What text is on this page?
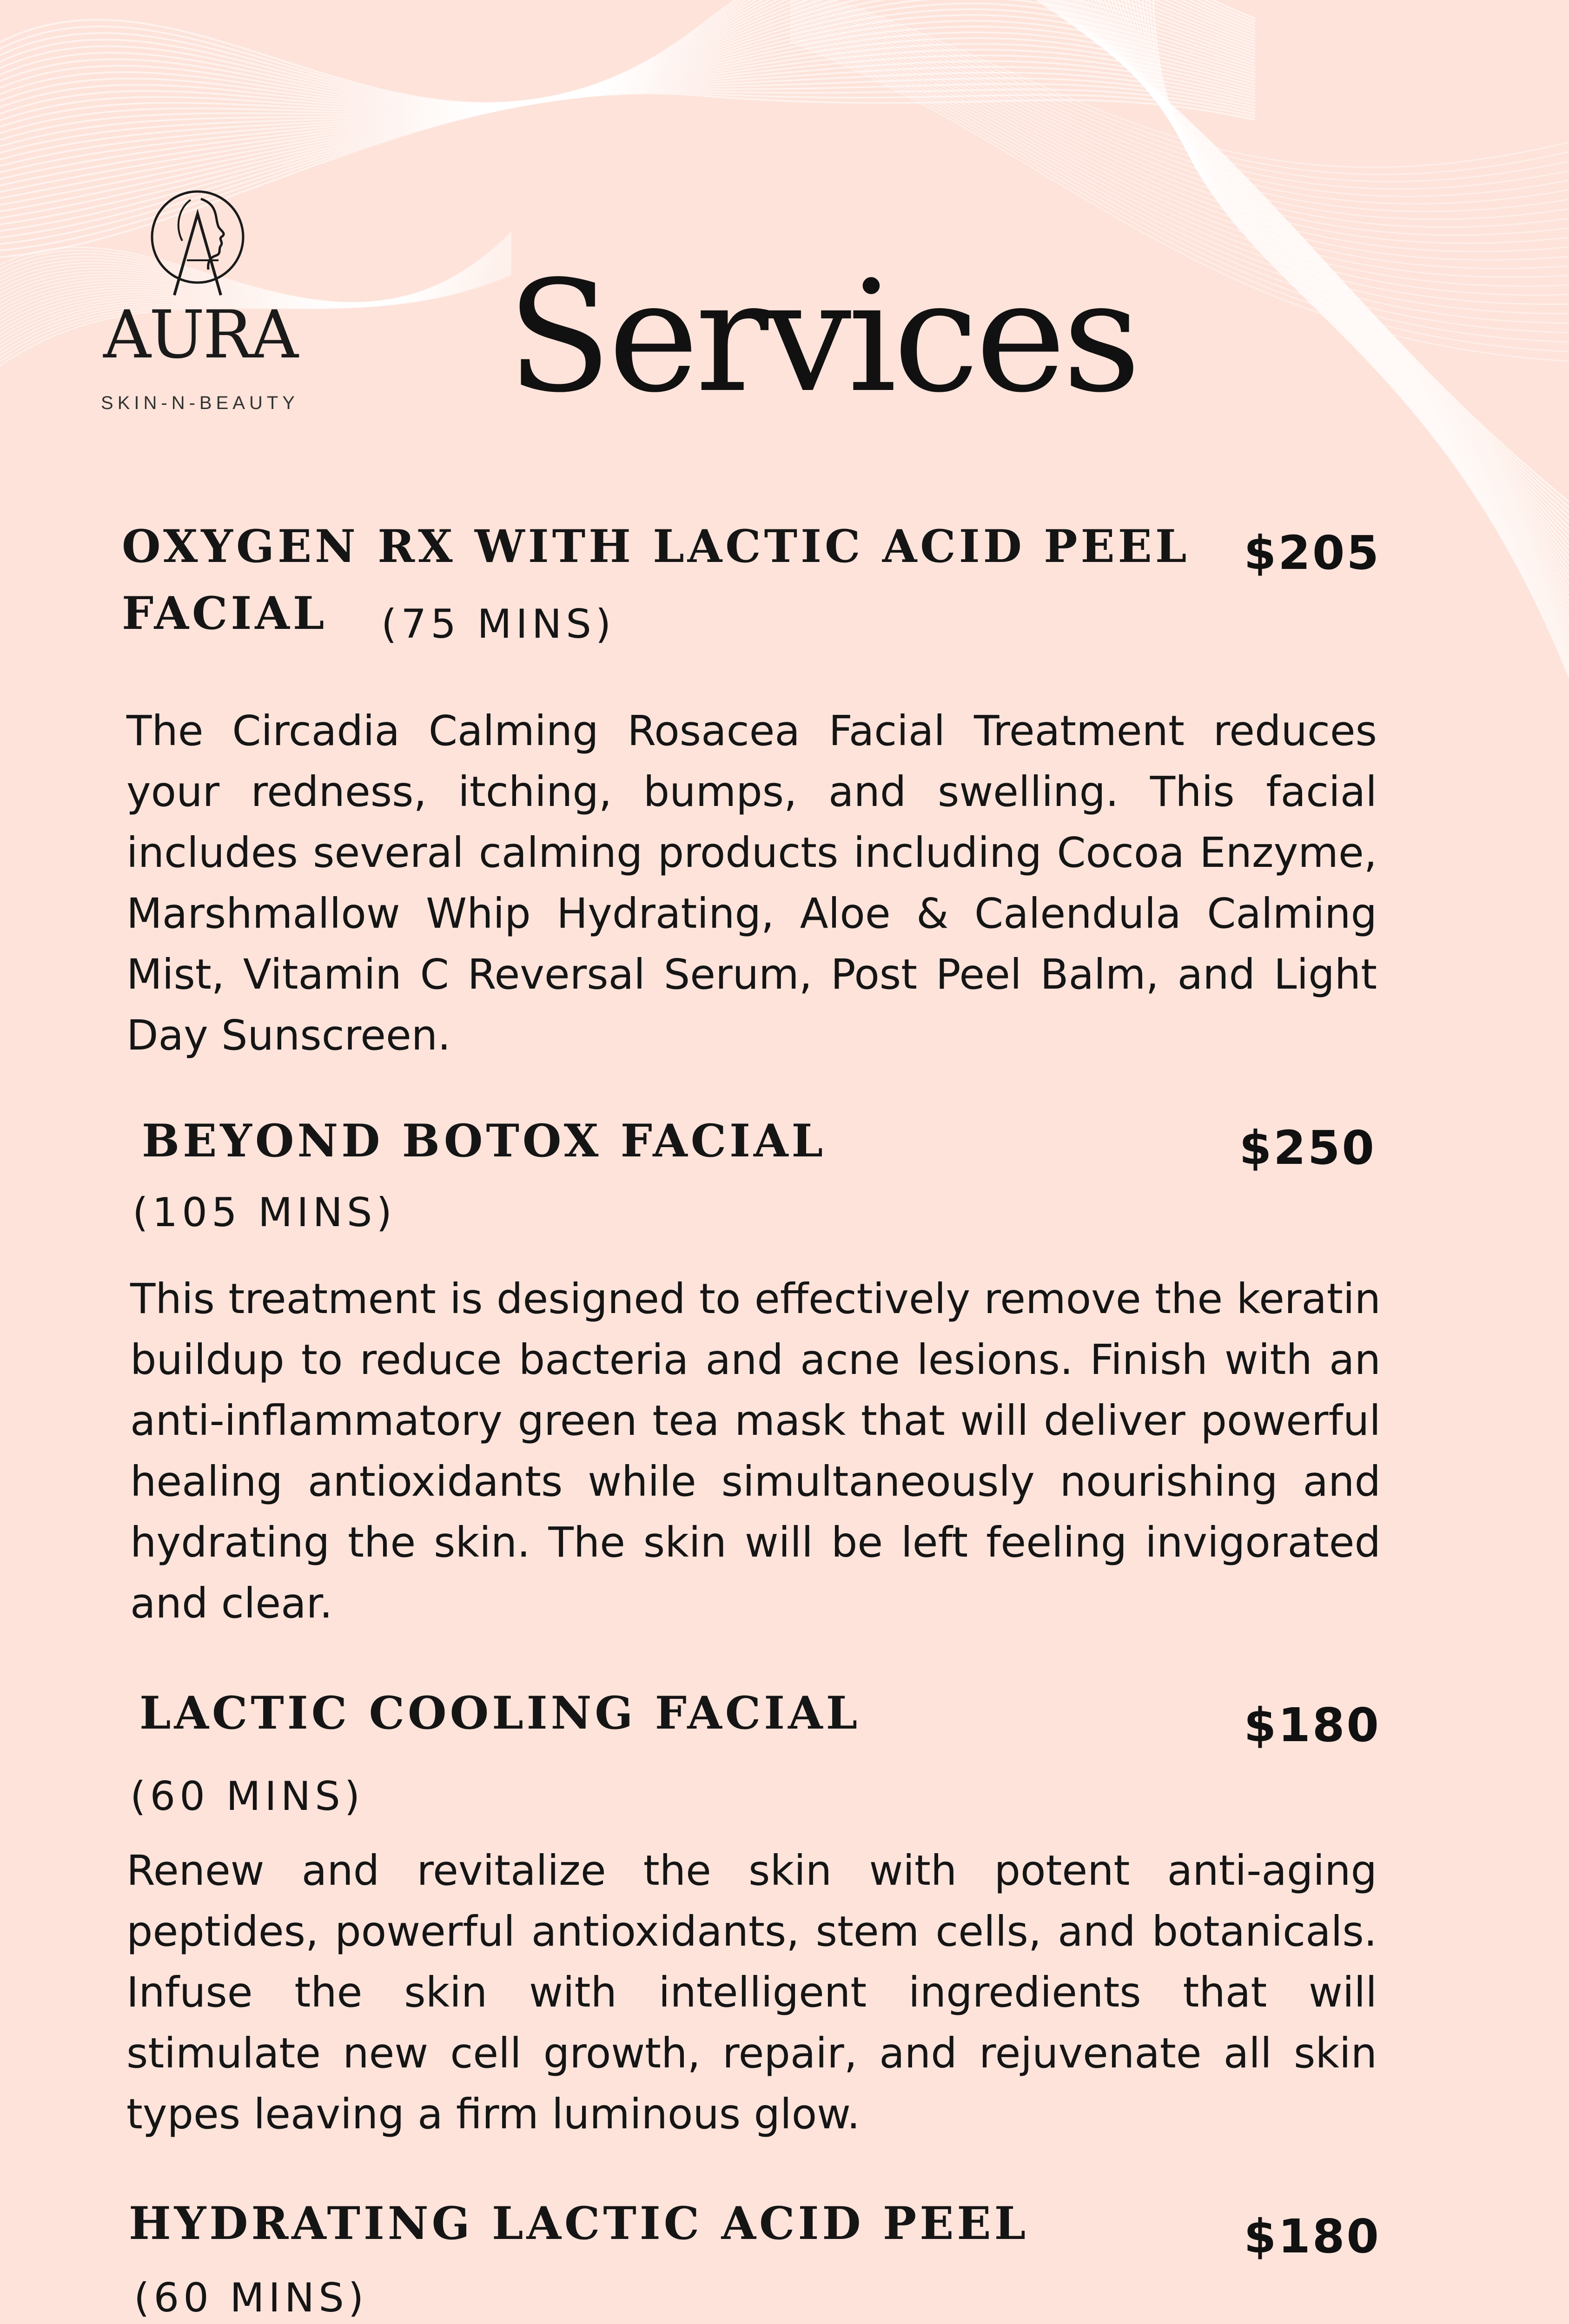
AURA
SKIN-N-BEAUTY Services
OXYGEN RX WITH LACTIC ACID PEEL
FACIAL (75 MINS)
$205

The Circadia Calming Rosacea Facial Treatment reduces your redness, itching, bumps, and swelling. This facial includes several calming products including Cocoa Enzyme, Marshmallow Whip Hydrating, Aloe & Calendula Calming Mist, Vitamin C Reversal Serum, Post Peel Balm, and Light Day Sunscreen.

BEYOND BOTOX FACIAL
(105 MINS)
$250

This treatment is designed to effectively remove the keratin buildup to reduce bacteria and acne lesions. Finish with an anti-inflammatory green tea mask that will deliver powerful healing antioxidants while simultaneously nourishing and hydrating the skin. The skin will be left feeling invigorated and clear.

LACTIC COOLING FACIAL
(60 MINS)
$180

Renew and revitalize the skin with potent anti-aging peptides, powerful antioxidants, stem cells, and botanicals. Infuse the skin with intelligent ingredients that will stimulate new cell growth, repair, and rejuvenate all skin types leaving a firm luminous glow.

HYDRATING LACTIC ACID PEEL
(60 MINS)
$180
